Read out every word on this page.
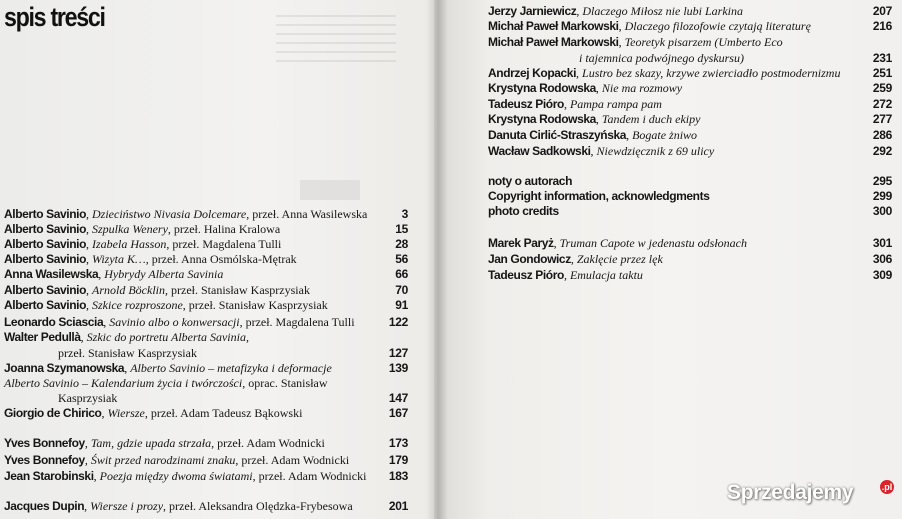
spis treści
Sprzedajemy	.pl
Alberto Savinio, Dzieciństwo Nivasia Dolcemare, przeł. Anna Wasilewska	3
Alberto Savinio, Szpulka Wenery, przeł. Halina Kralowa	15
Alberto Savinio, Izabela Hasson, przeł. Magdalena Tulli	28
Alberto Savinio, Wizyta K…, przeł. Anna Osmólska-Mętrak	56
Anna Wasilewska, Hybrydy Alberta Savinia	66
Alberto Savinio, Arnold Böcklin, przeł. Stanisław Kasprzysiak	70
Alberto Savinio, Szkice rozproszone, przeł. Stanisław Kasprzysiak	91
Leonardo Sciascia, Savinio albo o konwersacji, przeł. Magdalena Tulli	122
Walter Pedullà, Szkic do portretu Alberta Savinia,
przeł. Stanisław Kasprzysiak	127
Joanna Szymanowska, Alberto Savinio – metafizyka i deformacje	139
Alberto Savinio – Kalendarium życia i twórczości, oprac. Stanisław
Kasprzysiak	147
Giorgio de Chirico, Wiersze, przeł. Adam Tadeusz Bąkowski	167
Yves Bonnefoy, Tam, gdzie upada strzała, przeł. Adam Wodnicki	173
Yves Bonnefoy, Świt przed narodzinami znaku, przeł. Adam Wodnicki	179
Jean Starobinski, Poezja między dwoma światami, przeł. Adam Wodnicki	183
Jacques Dupin, Wiersze i prozy, przeł. Aleksandra Olędzka-Frybesowa	201
Jerzy Jarniewicz, Dlaczego Miłosz nie lubi Larkina	207
Michał Paweł Markowski, Dlaczego filozofowie czytają literaturę	216
Michał Paweł Markowski, Teoretyk pisarzem (Umberto Eco
i tajemnica podwójnego dyskursu)	231
Andrzej Kopacki, Lustro bez skazy, krzywe zwierciadło postmodernizmu	251
Krystyna Rodowska, Nie ma rozmowy	259
Tadeusz Pióro, Pampa rampa pam	272
Krystyna Rodowska, Tandem i duch ekipy	277
Danuta Cirlić-Straszyńska, Bogate żniwo	286
Wacław Sadkowski, Niewdzięcznik z 69 ulicy	292
noty o autorach	295
Copyright information, acknowledgments	299
photo credits	300
Marek Paryż, Truman Capote w jedenastu odsłonach	301
Jan Gondowicz, Zaklęcie przez lęk	306
Tadeusz Pióro, Emulacja taktu	309
